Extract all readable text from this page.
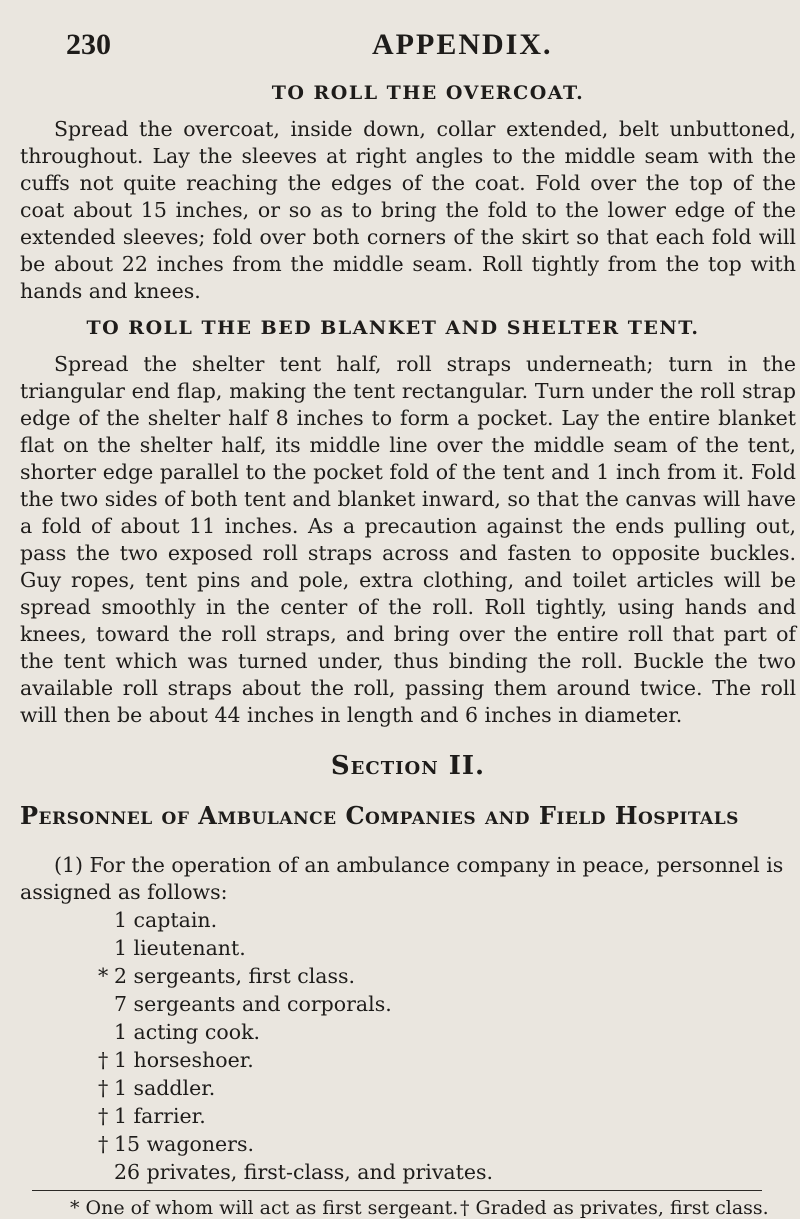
230	APPENDIX.
TO ROLL THE OVERCOAT.

Spread the overcoat, inside down, collar extended, belt unbuttoned, throughout. Lay the sleeves at right angles to the middle seam with the cuffs not quite reaching the edges of the coat. Fold over the top of the coat about 15 inches, or so as to bring the fold to the lower edge of the extended sleeves; fold over both corners of the skirt so that each fold will be about 22 inches from the middle seam. Roll tightly from the top with hands and knees.

TO ROLL THE BED BLANKET AND SHELTER TENT.

Spread the shelter tent half, roll straps underneath; turn in the triangular end flap, making the tent rectangular. Turn under the roll strap edge of the shelter half 8 inches to form a pocket. Lay the entire blanket flat on the shelter half, its middle line over the middle seam of the tent, shorter edge parallel to the pocket fold of the tent and 1 inch from it. Fold the two sides of both tent and blanket inward, so that the canvas will have a fold of about 11 inches. As a precaution against the ends pulling out, pass the two exposed roll straps across and fasten to opposite buckles. Guy ropes, tent pins and pole, extra clothing, and toilet articles will be spread smoothly in the center of the roll. Roll tightly, using hands and knees, toward the roll straps, and bring over the entire roll that part of the tent which was turned under, thus binding the roll. Buckle the two available roll straps about the roll, passing them around twice. The roll will then be about 44 inches in length and 6 inches in diameter.

Section II.
Personnel of Ambulance Companies and Field Hospitals

(1) For the operation of an ambulance company in peace, personnel is assigned as follows:

1 captain.
1 lieutenant.
* 2 sergeants, first class.
7 sergeants and corporals.
1 acting cook.
† 1 horseshoer.
† 1 saddler.
† 1 farrier.
† 15 wagoners.
26 privates, first-class, and privates.
* One of whom will act as first sergeant. † Graded as privates, first class.
